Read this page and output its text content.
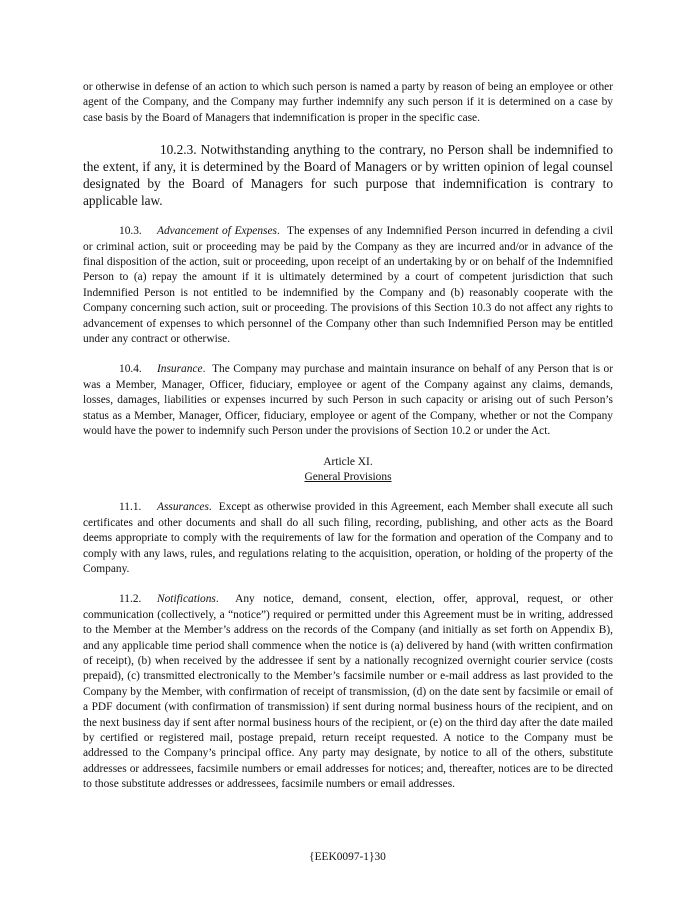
or otherwise in defense of an action to which such person is named a party by reason of being an employee or other agent of the Company, and the Company may further indemnify any such person if it is determined on a case by case basis by the Board of Managers that indemnification is proper in the specific case.

10.2.3. Notwithstanding anything to the contrary, no Person shall be indemnified to the extent, if any, it is determined by the Board of Managers or by written opinion of legal counsel designated by the Board of Managers for such purpose that indemnification is contrary to applicable law.

10.3. Advancement of Expenses.  The expenses of any Indemnified Person incurred in defending a civil or criminal action, suit or proceeding may be paid by the Company as they are incurred and/or in advance of the final disposition of the action, suit or proceeding, upon receipt of an undertaking by or on behalf of the Indemnified Person to (a) repay the amount if it is ultimately determined by a court of competent jurisdiction that such Indemnified Person is not entitled to be indemnified by the Company and (b) reasonably cooperate with the Company concerning such action, suit or proceeding. The provisions of this Section 10.3 do not affect any rights to advancement of expenses to which personnel of the Company other than such Indemnified Person may be entitled under any contract or otherwise.

10.4. Insurance.  The Company may purchase and maintain insurance on behalf of any Person that is or was a Member, Manager, Officer, fiduciary, employee or agent of the Company against any claims, demands, losses, damages, liabilities or expenses incurred by such Person in such capacity or arising out of such Person’s status as a Member, Manager, Officer, fiduciary, employee or agent of the Company, whether or not the Company would have the power to indemnify such Person under the provisions of Section 10.2 or under the Act.

Article XI.
General Provisions

11.1. Assurances.  Except as otherwise provided in this Agreement, each Member shall execute all such certificates and other documents and shall do all such filing, recording, publishing, and other acts as the Board deems appropriate to comply with the requirements of law for the formation and operation of the Company and to comply with any laws, rules, and regulations relating to the acquisition, operation, or holding of the property of the Company.

11.2. Notifications.  Any notice, demand, consent, election, offer, approval, request, or other communication (collectively, a “notice”) required or permitted under this Agreement must be in writing, addressed to the Member at the Member’s address on the records of the Company (and initially as set forth on Appendix B), and any applicable time period shall commence when the notice is (a) delivered by hand (with written confirmation of receipt), (b) when received by the addressee if sent by a nationally recognized overnight courier service (costs prepaid), (c) transmitted electronically to the Member’s facsimile number or e-mail address as last provided to the Company by the Member, with confirmation of receipt of transmission, (d) on the date sent by facsimile or email of a PDF document (with confirmation of transmission) if sent during normal business hours of the recipient, and on the next business day if sent after normal business hours of the recipient, or (e) on the third day after the date mailed by certified or registered mail, postage prepaid, return receipt requested. A notice to the Company must be addressed to the Company’s principal office. Any party may designate, by notice to all of the others, substitute addresses or addressees, facsimile numbers or email addresses for notices; and, thereafter, notices are to be directed to those substitute addresses or addressees, facsimile numbers or email addresses.

{EEK0097-1}30
